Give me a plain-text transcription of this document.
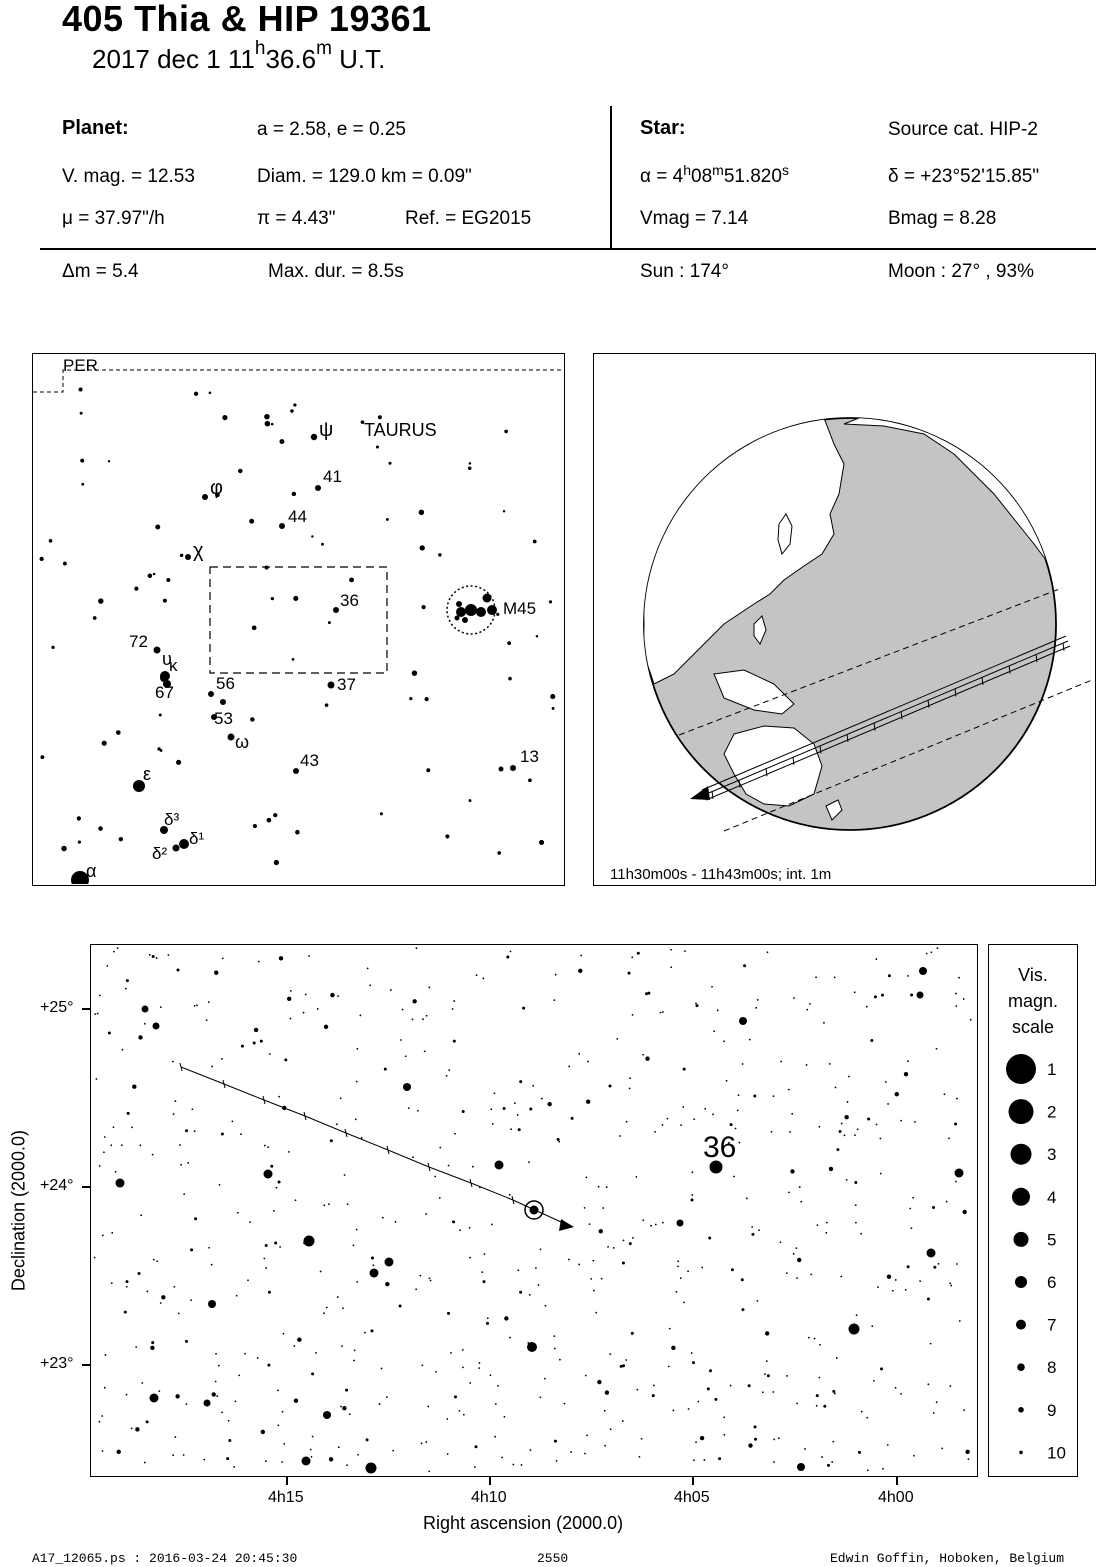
405 Thia & HIP 19361
2017 dec 1 11$^h$36.6$^m$ U.T.
Planet:	a = 2.58, e = 0.25
V. mag. = 12.53	Diam. = 129.0 km = 0.09"
μ = 37.97"/h	π = 4.43"	Ref. = EG2015
Star:	Source cat. HIP-2
$\alpha = 4^h08^m51.820^s$	δ = +23°52'15.85"
Vmag = 7.14	Bmag = 8.28
Δm = 5.4	Max. dur. = 8.5s	Sun : 174°	Moon : 27° , 93%
PER
TAURUS
M45
ψ
φ
χ
υ
κ
ω
ε
α
δ³
δ²
δ¹
41
44
36
72
67 56	37
53
43	13
11h30m00s - 11h43m00s; int. 1m
36
+25°
+24°
+23°
4h15	4h10	4h05	4h00
Right ascension (2000.0)
Declination (2000.0)
Vis.
magn.
scale
1
2
3
4
5
6
7
8
9
10
A17_12065.ps : 2016-03-24 20:45:30	2550	Edwin Goffin, Hoboken, Belgium
